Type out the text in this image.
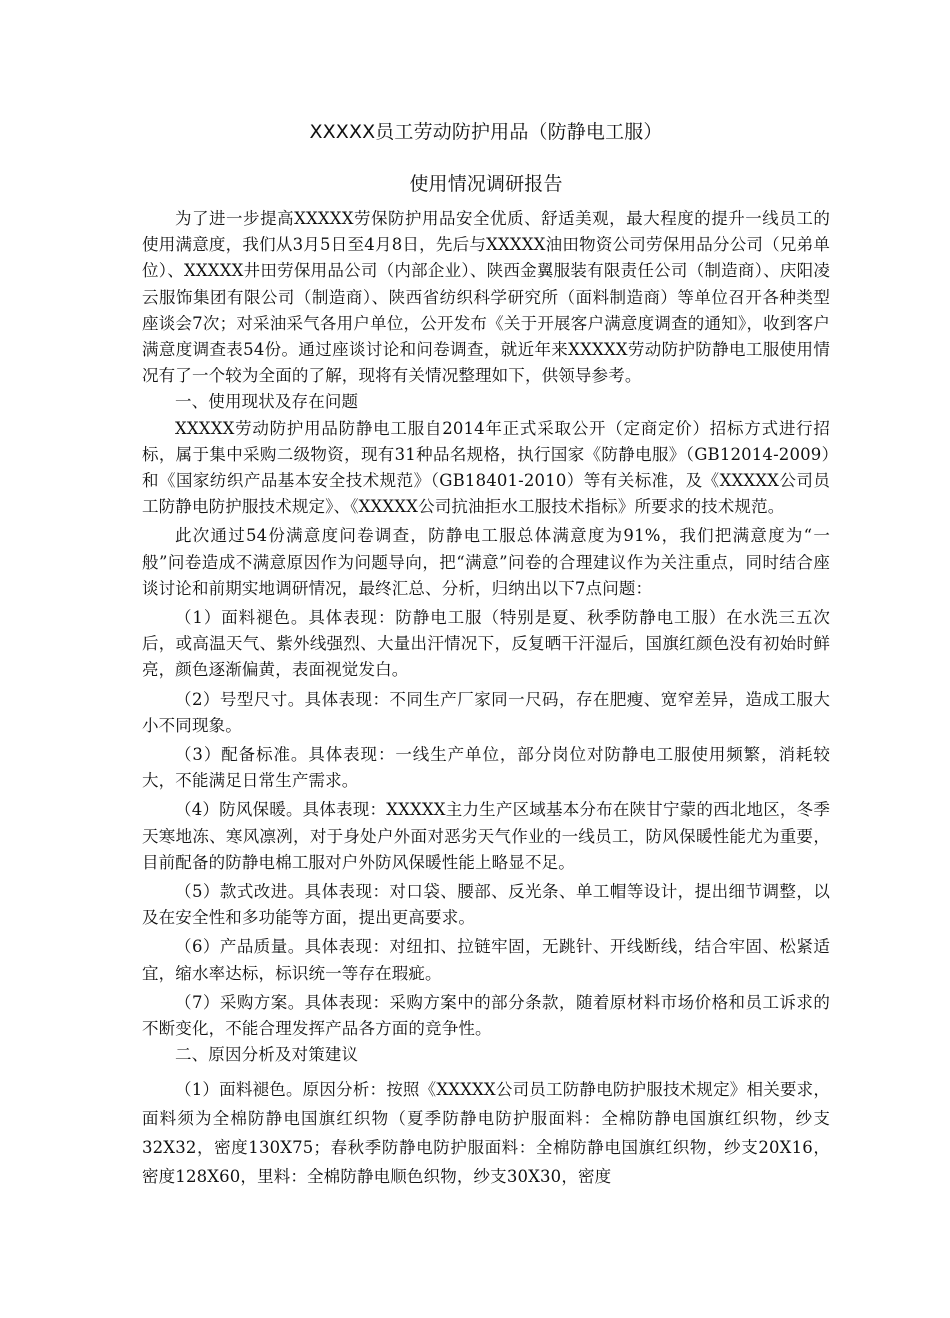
XXXXX员工劳动防护用品（防静电工服）
使用情况调研报告

为了进一步提高XXXXX劳保防护用品安全优质、舒适美观，最大程度的提升一线员工的使用满意度，我们从3月5日至4月8日，先后与XXXXX油田物资公司劳保用品分公司（兄弟单位）、XXXXX井田劳保用品公司（内部企业）、陕西金翼服装有限责任公司（制造商）、庆阳凌云服饰集团有限公司（制造商）、陕西省纺织科学研究所（面料制造商）等单位召开各种类型座谈会7次；对采油采气各用户单位，公开发布《关于开展客户满意度调查的通知》，收到客户满意度调查表54份。通过座谈讨论和问卷调查，就近年来XXXXX劳动防护防静电工服使用情况有了一个较为全面的了解，现将有关情况整理如下，供领导参考。

一、使用现状及存在问题

XXXXX劳动防护用品防静电工服自2014年正式采取公开（定商定价）招标方式进行招标，属于集中采购二级物资，现有31种品名规格，执行国家《防静电服》（GB12014-2009）和《国家纺织产品基本安全技术规范》（GB18401-2010）等有关标准，及《XXXXX公司员工防静电防护服技术规定》、《XXXXX公司抗油拒水工服技术指标》所要求的技术规范。

此次通过54份满意度问卷调查，防静电工服总体满意度为91%，我们把满意度为“一般”问卷造成不满意原因作为问题导向，把“满意”问卷的合理建议作为关注重点，同时结合座谈讨论和前期实地调研情况，最终汇总、分析，归纳出以下7点问题：

（1）面料褪色。具体表现：防静电工服（特别是夏、秋季防静电工服）在水洗三五次后，或高温天气、紫外线强烈、大量出汗情况下，反复晒干汗湿后，国旗红颜色没有初始时鲜亮，颜色逐渐偏黄，表面视觉发白。

（2）号型尺寸。具体表现：不同生产厂家同一尺码，存在肥瘦、宽窄差异，造成工服大小不同现象。

（3）配备标准。具体表现：一线生产单位，部分岗位对防静电工服使用频繁，消耗较大，不能满足日常生产需求。

（4）防风保暖。具体表现：XXXXX主力生产区域基本分布在陕甘宁蒙的西北地区，冬季天寒地冻、寒风凛冽，对于身处户外面对恶劣天气作业的一线员工，防风保暖性能尤为重要，目前配备的防静电棉工服对户外防风保暖性能上略显不足。

（5）款式改进。具体表现：对口袋、腰部、反光条、单工帽等设计，提出细节调整，以及在安全性和多功能等方面，提出更高要求。

（6）产品质量。具体表现：对纽扣、拉链牢固，无跳针、开线断线，结合牢固、松紧适宜，缩水率达标，标识统一等存在瑕疵。

（7）采购方案。具体表现：采购方案中的部分条款，随着原材料市场价格和员工诉求的不断变化，不能合理发挥产品各方面的竞争性。

二、原因分析及对策建议

（1）面料褪色。原因分析：按照《XXXXX公司员工防静电防护服技术规定》相关要求，面料须为全棉防静电国旗红织物（夏季防静电防护服面料：全棉防静电国旗红织物，纱支32X32，密度130X75；春秋季防静电防护服面料：全棉防静电国旗红织物，纱支20X16，密度128X60，里料：全棉防静电顺色织物，纱支30X30，密度
